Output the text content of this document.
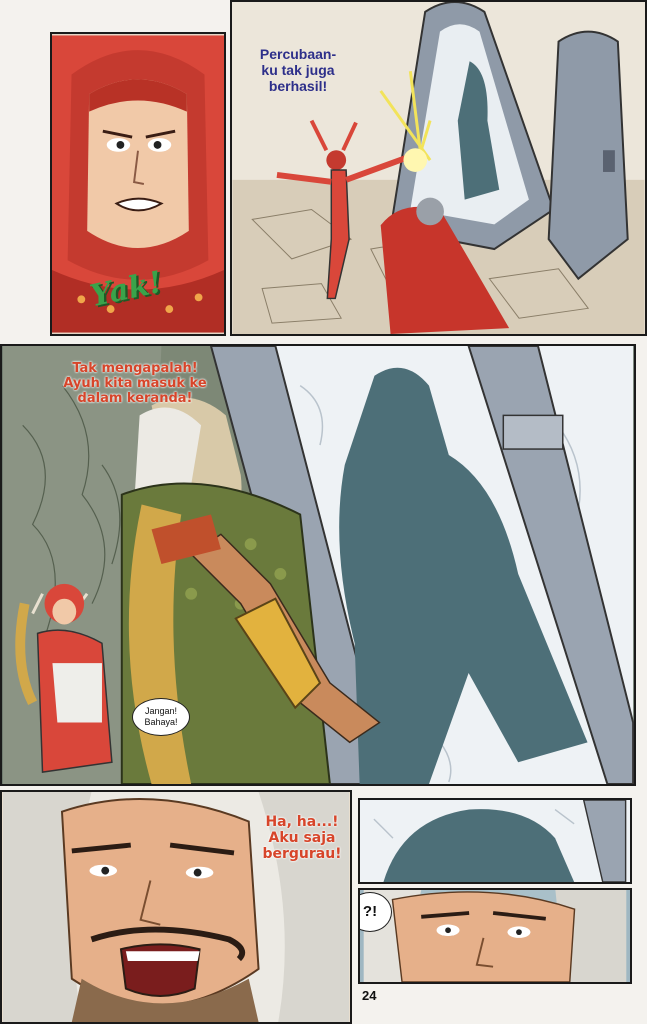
Yak!
Percubaan-
ku tak juga
berhasil!
Tak mengapalah!
Ayuh kita masuk ke
dalam keranda!
Jangan!
Bahaya!
Ha, ha...!
Aku saja
bergurau!
?!
24
